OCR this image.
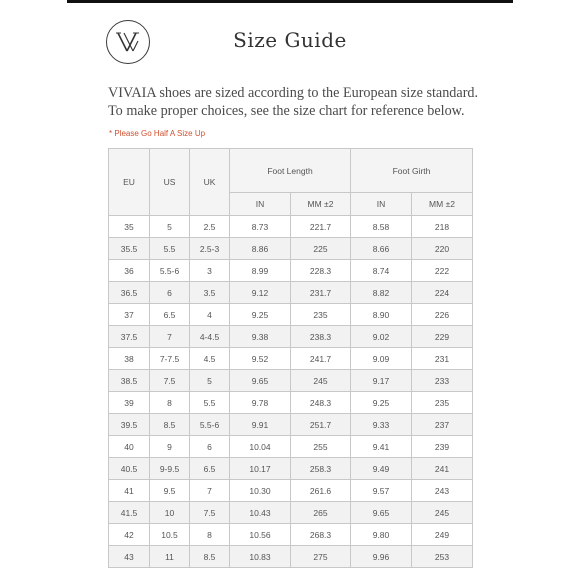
Size Guide
VIVAIA shoes are sized according to the European size standard.
To make proper choices, see the size chart for reference below.
* Please Go Half A Size Up
EU	US	UK	Foot Length		Foot Girth	
			IN	MM ±2	IN	MM ±2
35	5	2.5	8.73	221.7	8.58	218
35.5	5.5	2.5-3	8.86	225	8.66	220
36	5.5-6	3	8.99	228.3	8.74	222
36.5	6	3.5	9.12	231.7	8.82	224
37	6.5	4	9.25	235	8.90	226
37.5	7	4-4.5	9.38	238.3	9.02	229
38	7-7.5	4.5	9.52	241.7	9.09	231
38.5	7.5	5	9.65	245	9.17	233
39	8	5.5	9.78	248.3	9.25	235
39.5	8.5	5.5-6	9.91	251.7	9.33	237
40	9	6	10.04	255	9.41	239
40.5	9-9.5	6.5	10.17	258.3	9.49	241
41	9.5	7	10.30	261.6	9.57	243
41.5	10	7.5	10.43	265	9.65	245
42	10.5	8	10.56	268.3	9.80	249
43	11	8.5	10.83	275	9.96	253
